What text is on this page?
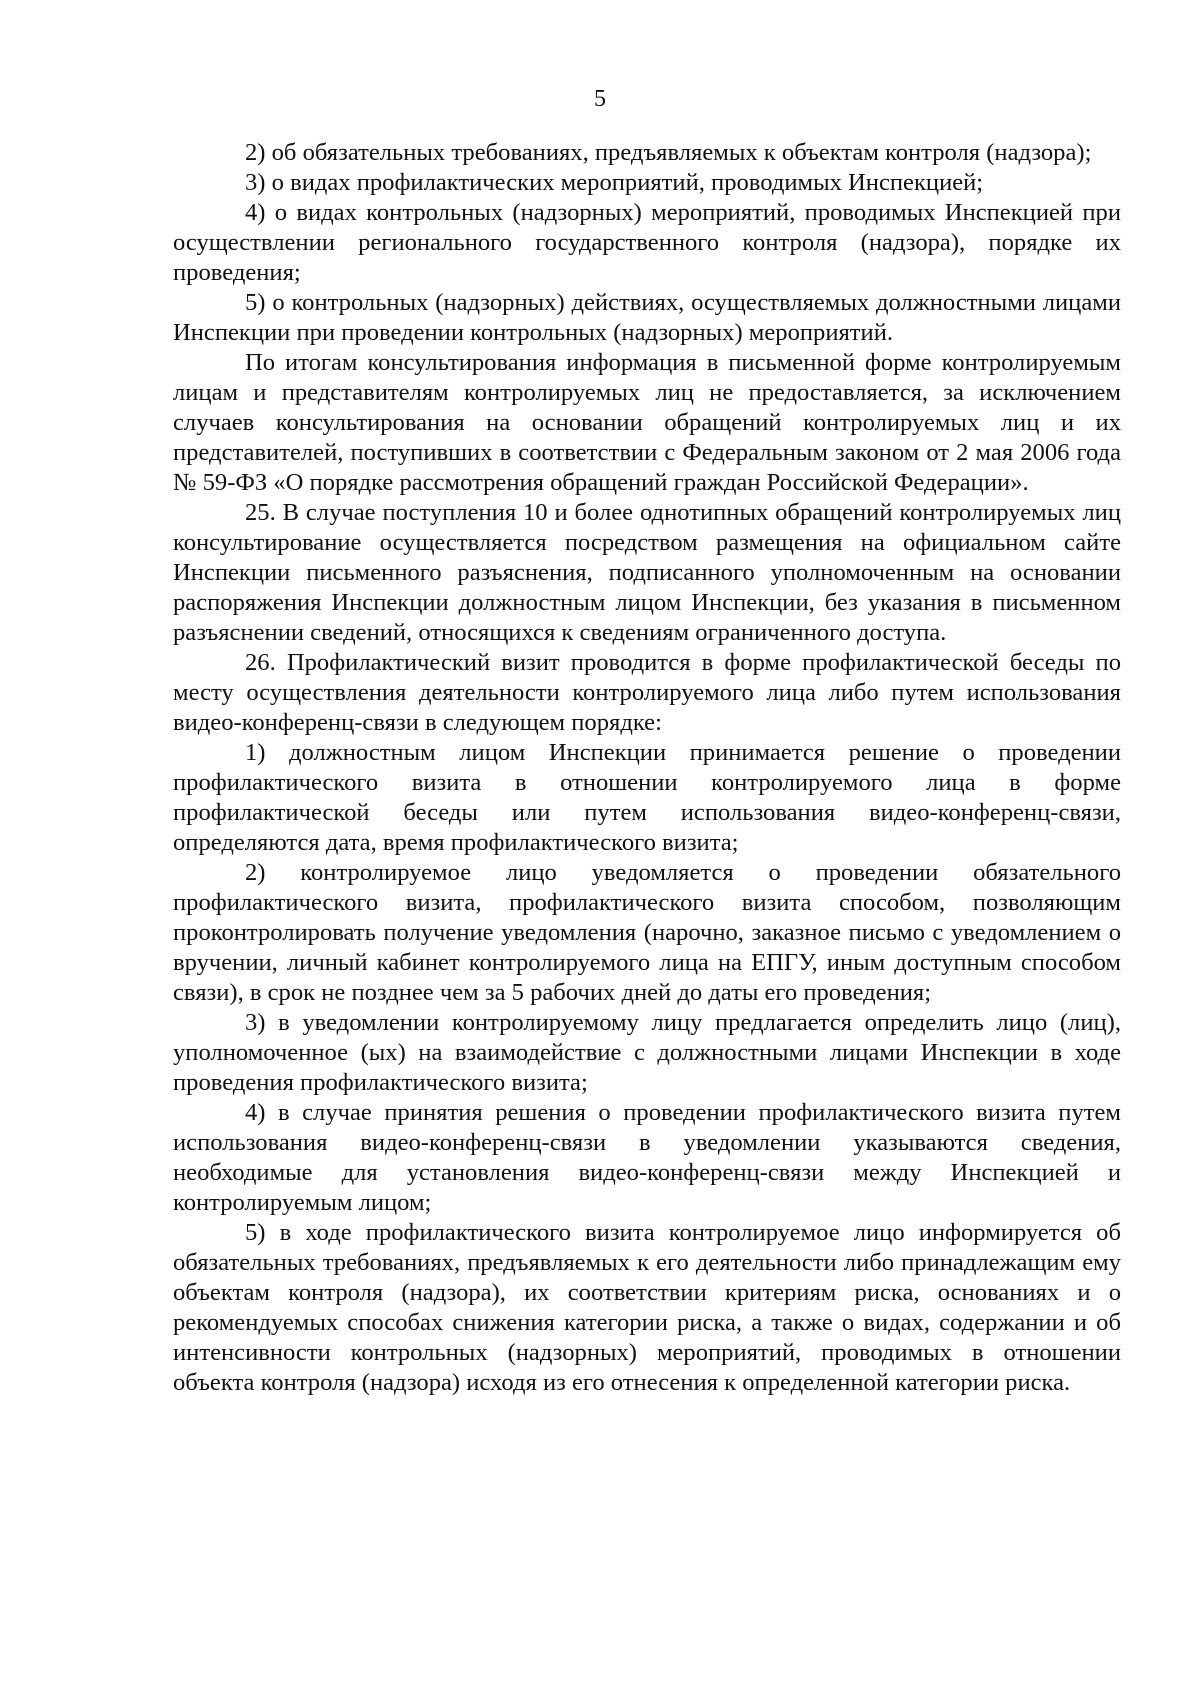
5

2) об обязательных требованиях, предъявляемых к объектам контроля (надзора);

3) о видах профилактических мероприятий, проводимых Инспекцией;

4) о видах контрольных (надзорных) мероприятий, проводимых Инспекцией при осуществлении регионального государственного контроля (надзора), порядке их проведения;

5) о контрольных (надзорных) действиях, осуществляемых должностными лицами Инспекции при проведении контрольных (надзорных) мероприятий.

По итогам консультирования информация в письменной форме контролируемым лицам и представителям контролируемых лиц не предоставляется, за исключением случаев консультирования на основании обращений контролируемых лиц и их представителей, поступивших в соответствии с Федеральным законом от 2 мая 2006 года № 59-ФЗ «О порядке рассмотрения обращений граждан Российской Федерации».

25. В случае поступления 10 и более однотипных обращений контролируемых лиц консультирование осуществляется посредством размещения на официальном сайте Инспекции письменного разъяснения, подписанного уполномоченным на основании распоряжения Инспекции должностным лицом Инспекции, без указания в письменном разъяснении сведений, относящихся к сведениям ограниченного доступа.

26. Профилактический визит проводится в форме профилактической беседы по месту осуществления деятельности контролируемого лица либо путем использования видео-конференц-связи в следующем порядке:

1) должностным лицом Инспекции принимается решение о проведении профилактического визита в отношении контролируемого лица в форме профилактической беседы или путем использования видео-конференц-связи, определяются дата, время профилактического визита;

2) контролируемое лицо уведомляется о проведении обязательного профилактического визита, профилактического визита способом, позволяющим проконтролировать получение уведомления (нарочно, заказное письмо с уведомлением о вручении, личный кабинет контролируемого лица на ЕПГУ, иным доступным способом связи), в срок не позднее чем за 5 рабочих дней до даты его проведения;

3) в уведомлении контролируемому лицу предлагается определить лицо (лиц), уполномоченное (ых) на взаимодействие с должностными лицами Инспекции в ходе проведения профилактического визита;

4) в случае принятия решения о проведении профилактического визита путем использования видео-конференц-связи в уведомлении указываются сведения, необходимые для установления видео-конференц-связи между Инспекцией и контролируемым лицом;

5) в ходе профилактического визита контролируемое лицо информируется об обязательных требованиях, предъявляемых к его деятельности либо принадлежащим ему объектам контроля (надзора), их соответствии критериям риска, основаниях и о рекомендуемых способах снижения категории риска, а также о видах, содержании и об интенсивности контрольных (надзорных) мероприятий, проводимых в отношении объекта контроля (надзора) исходя из его отнесения к определенной категории риска.
